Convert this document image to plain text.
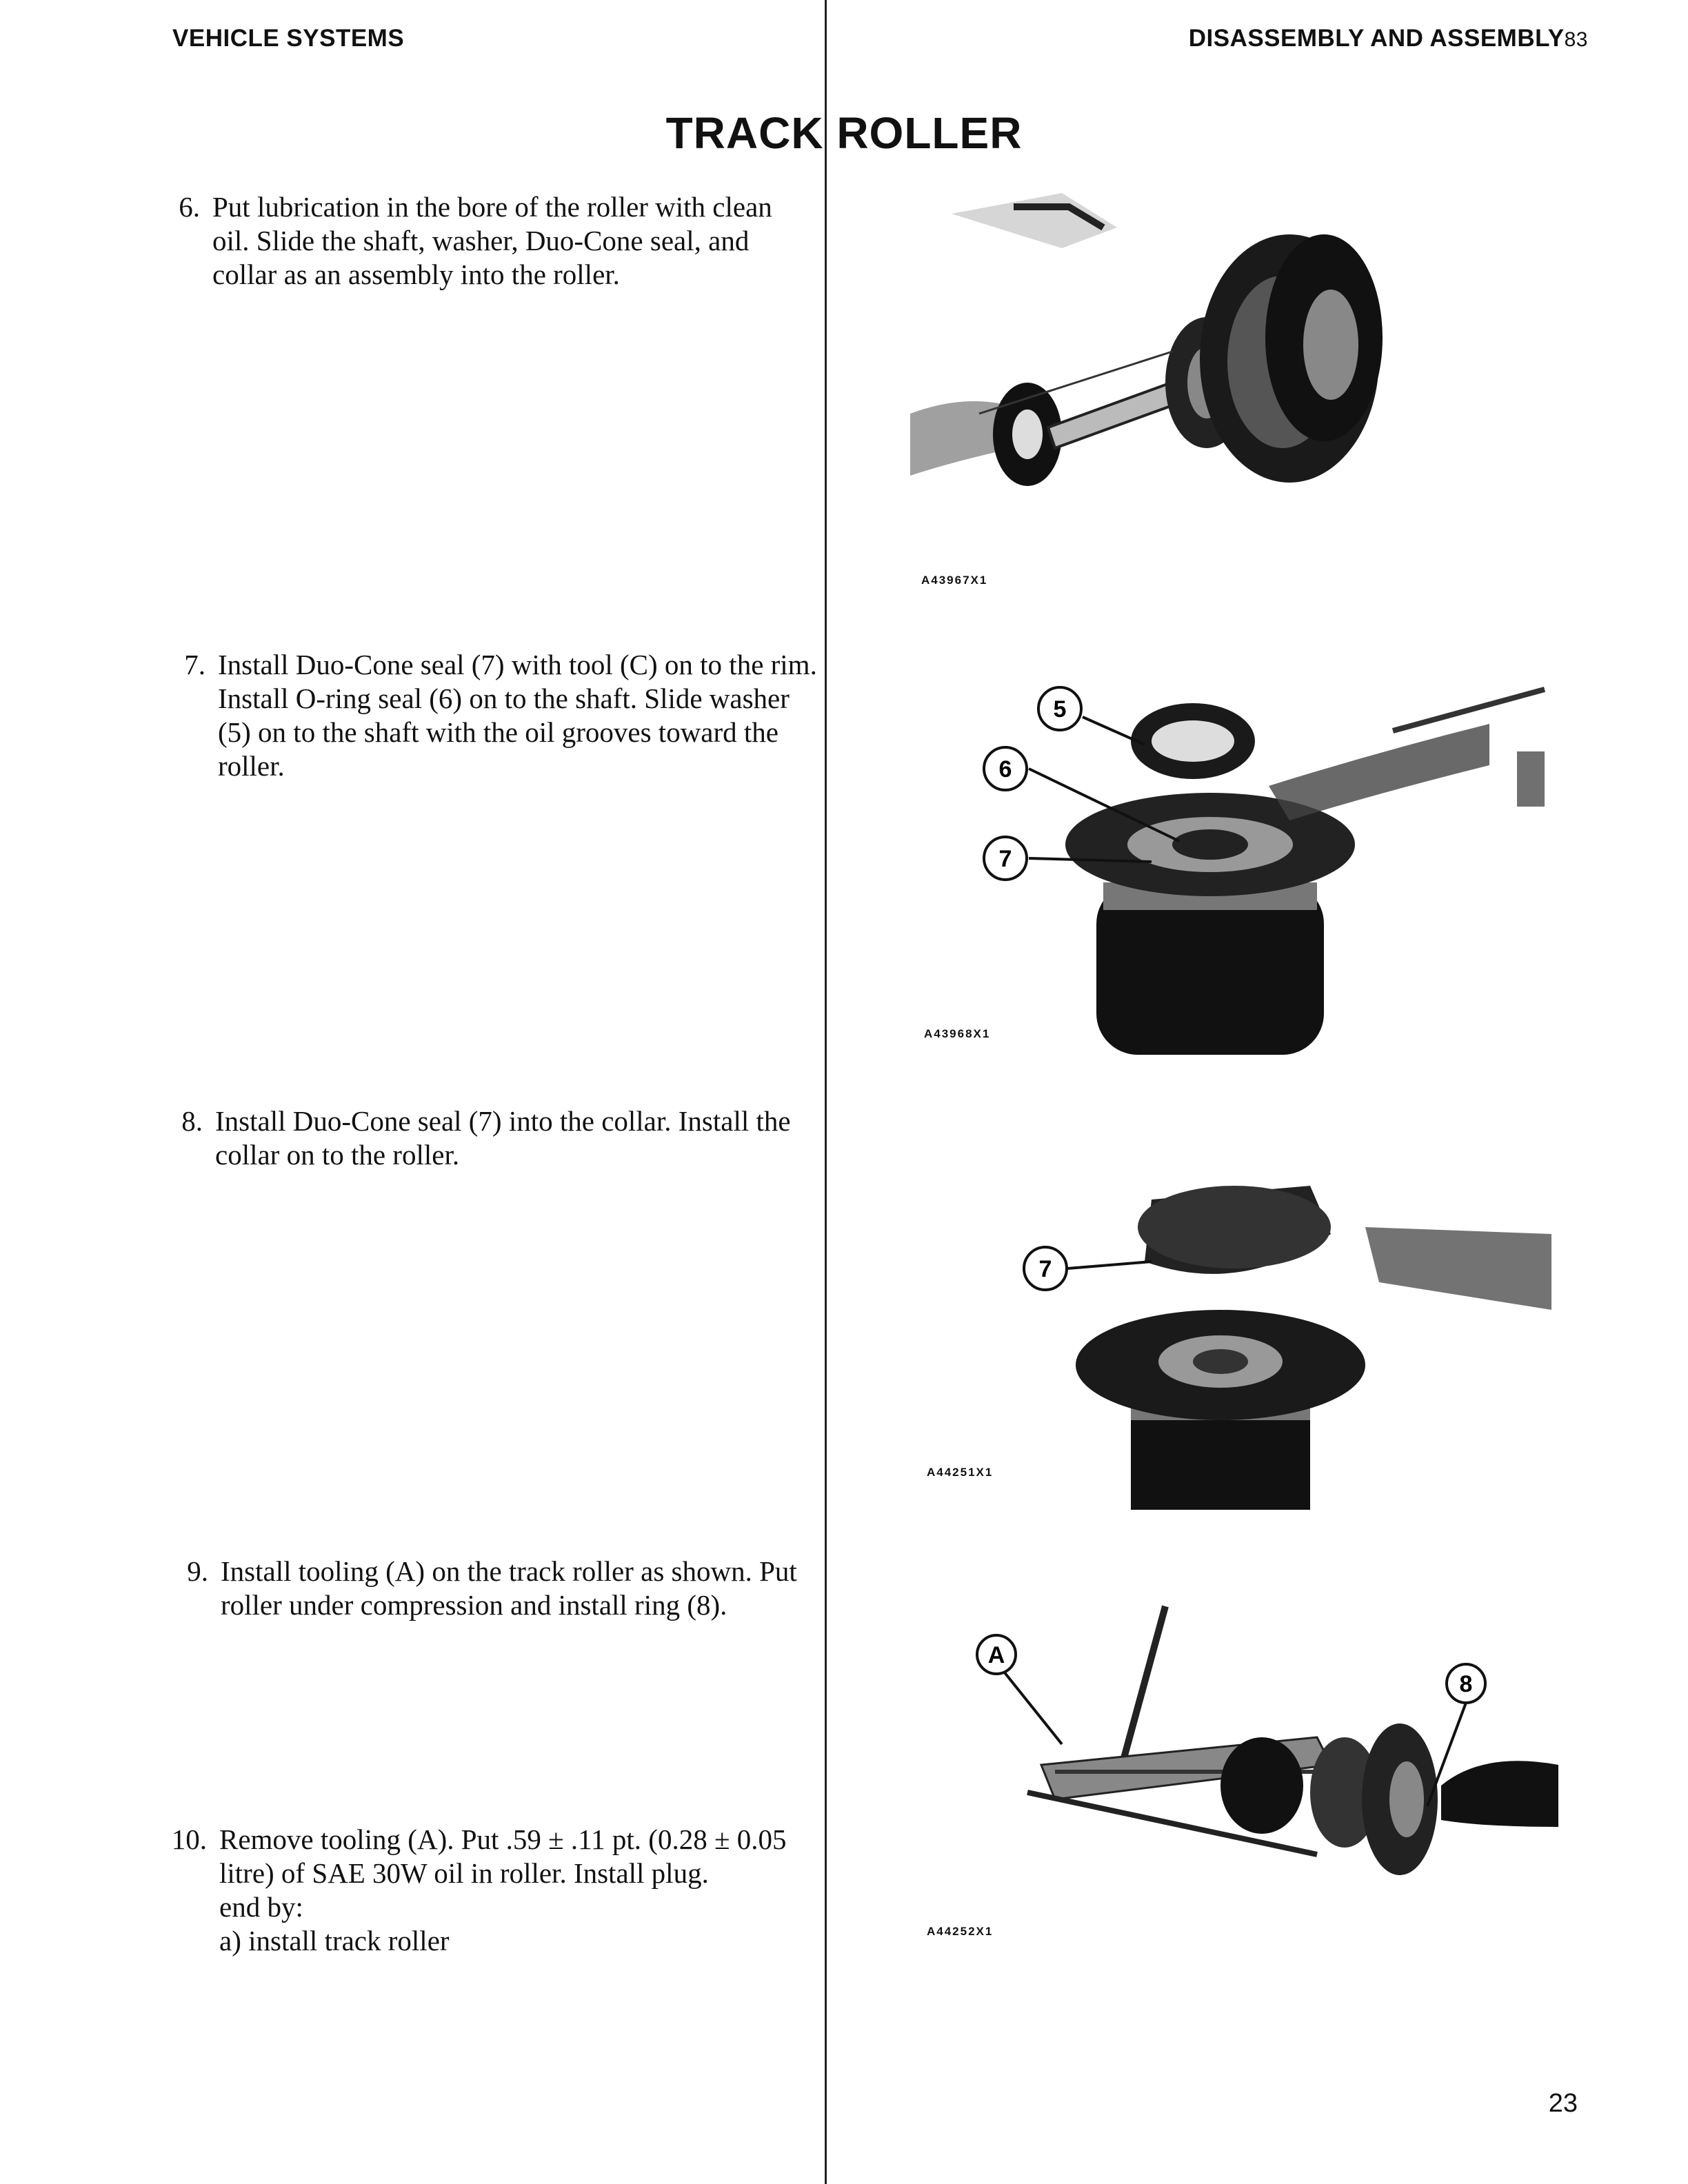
VEHICLE SYSTEMS	DISASSEMBLY AND ASSEMBLY83
TRACK ROLLER
6. Put lubrication in the bore of the roller with clean oil. Slide the shaft, washer, Duo-Cone seal, and collar as an assembly into the roller.
7. Install Duo-Cone seal (7) with tool (C) on to the rim. Install O-ring seal (6) on to the shaft. Slide washer (5) on to the shaft with the oil grooves toward the roller.
8. Install Duo-Cone seal (7) into the collar. Install the collar on to the roller.
9. Install tooling (A) on the track roller as shown. Put roller under compression and install ring (8).
10. Remove tooling (A). Put .59 ± .11 pt. (0.28 ± 0.05 litre) of SAE 30W oil in roller. Install plug.
end by:
a) install track roller
A43967X1
5
6
7
A43968X1
7
A44251X1
A
8
A44252X1
23
